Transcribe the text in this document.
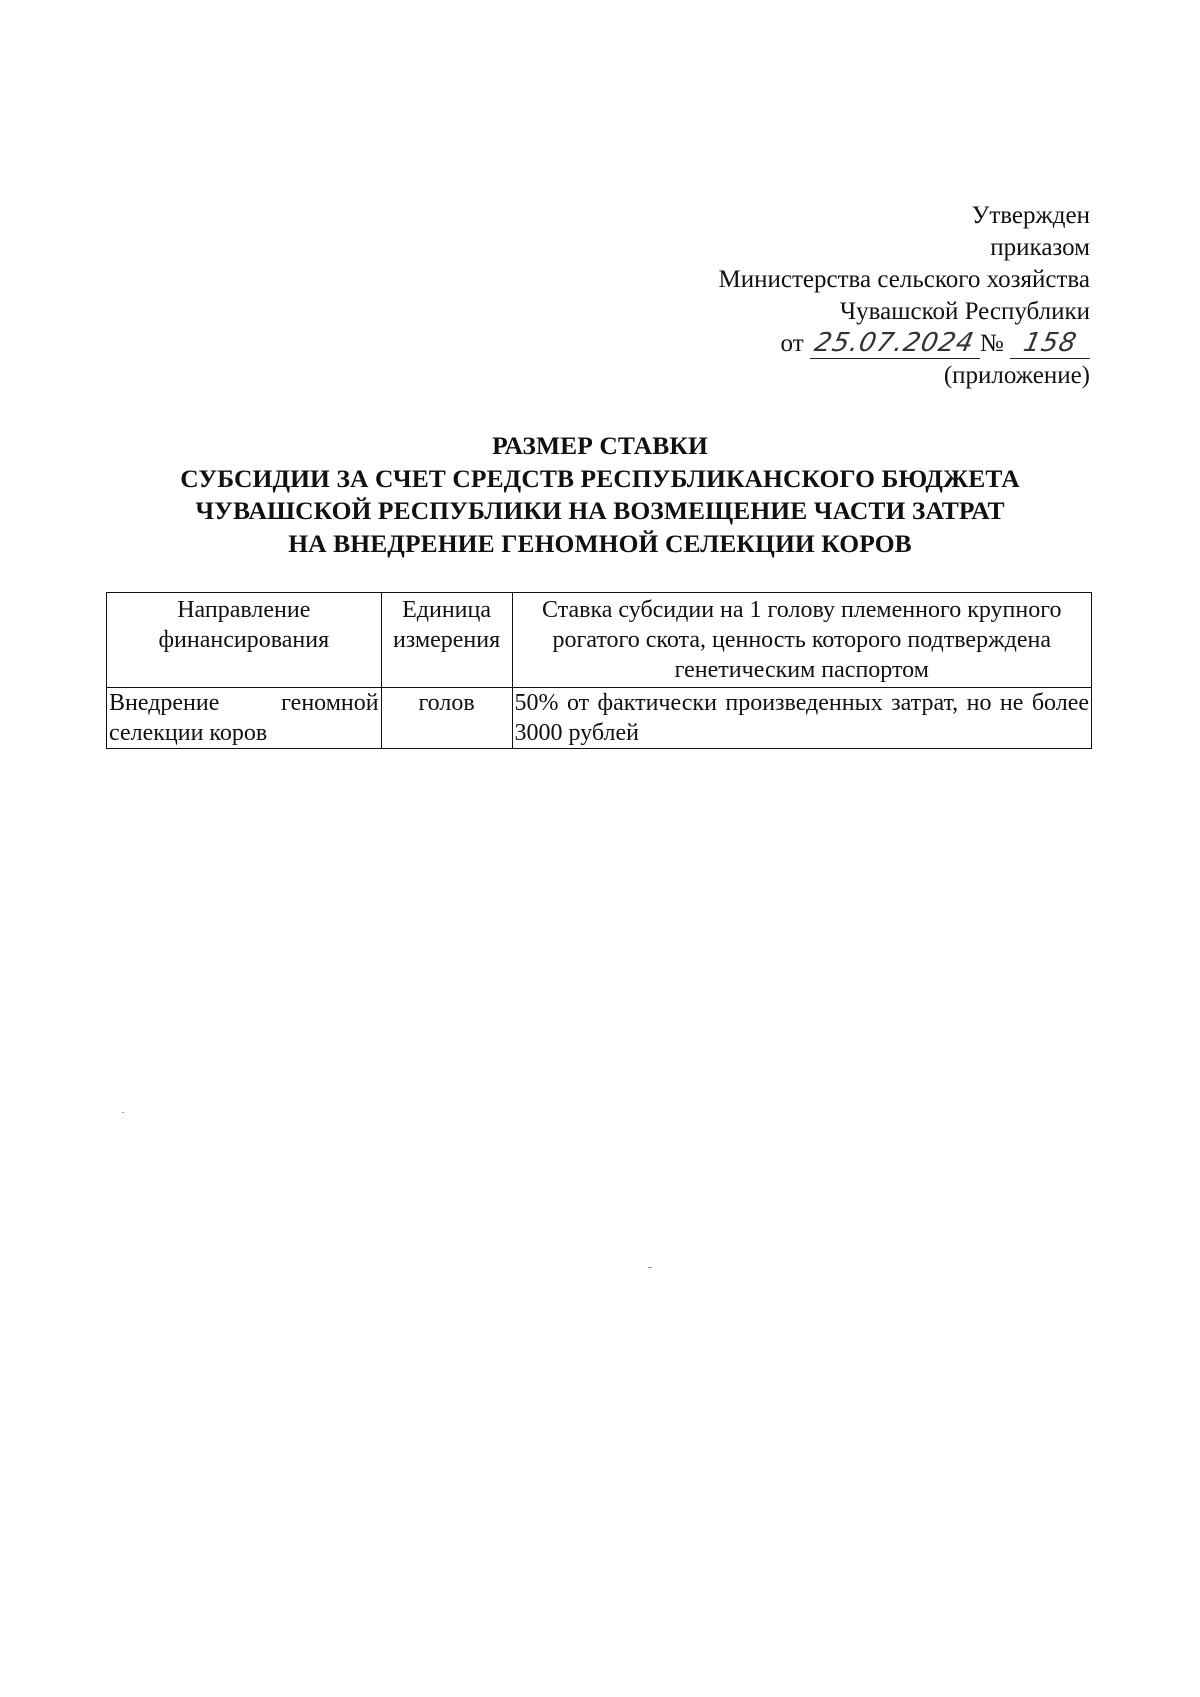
Утвержден
приказом
Министерства сельского хозяйства
Чувашской Республики
от 25.07.2024№ 158
(приложение)
РАЗМЕР СТАВКИ
СУБСИДИИ ЗА СЧЕТ СРЕДСТВ РЕСПУБЛИКАНСКОГО БЮДЖЕТА
ЧУВАШСКОЙ РЕСПУБЛИКИ НА ВОЗМЕЩЕНИЕ ЧАСТИ ЗАТРАТ
НА ВНЕДРЕНИЕ ГЕНОМНОЙ СЕЛЕКЦИИ КОРОВ
Направление финансирования	Единица измерения	Ставка субсидии на 1 голову племенного крупного рогатого скота, ценность которого подтверждена генетическим паспортом
Внедрение геномной селекции коров	голов	50% от фактически произведенных затрат, но не более 3000 рублей
